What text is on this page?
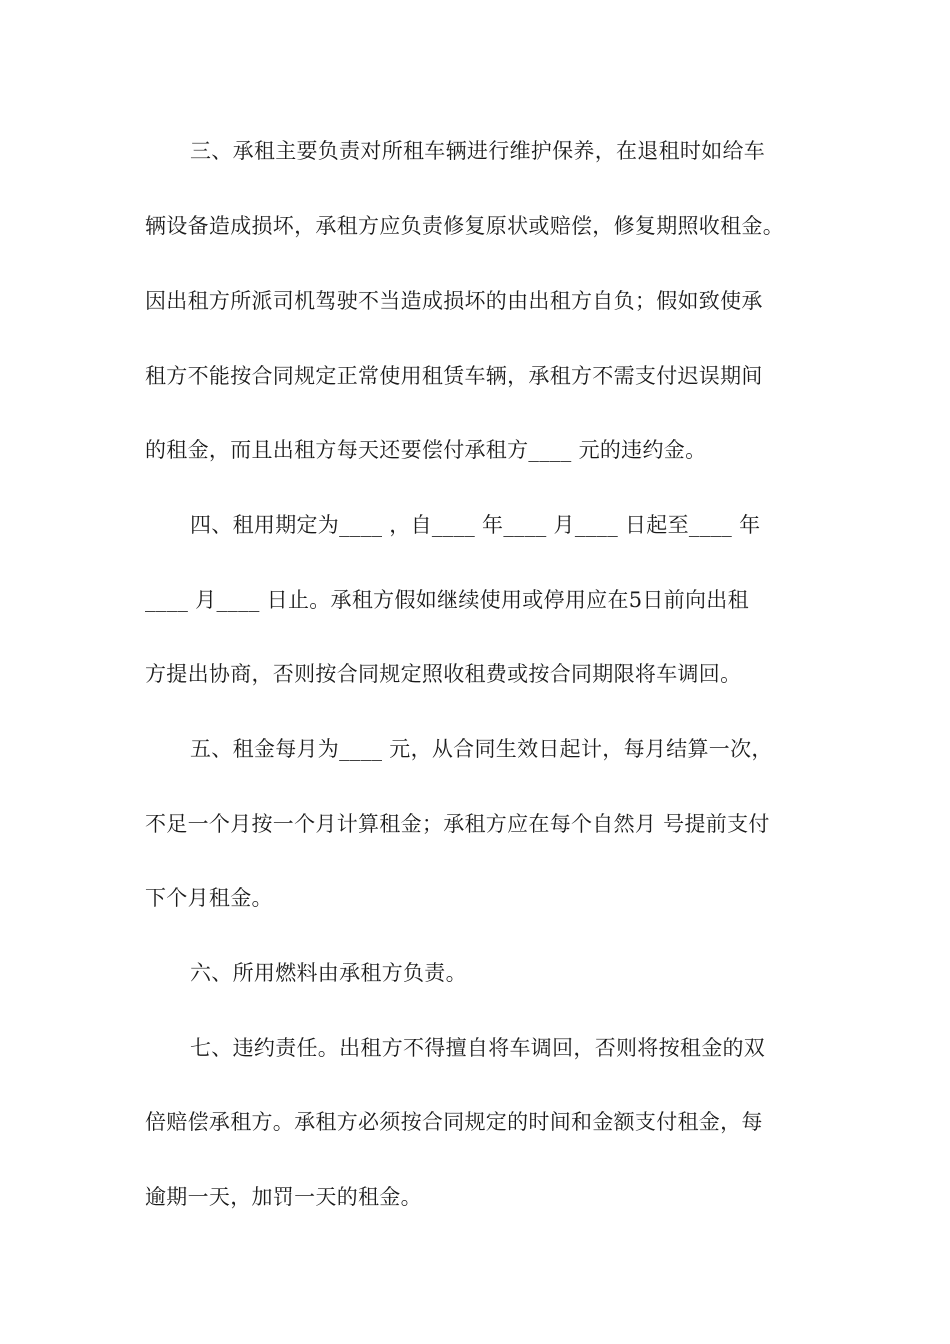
三、承租主要负责对所租车辆进行维护保养，在退租时如给车
辆设备造成损坏，承租方应负责修复原状或赔偿，修复期照收租金。
因出租方所派司机驾驶不当造成损坏的由出租方自负；假如致使承
租方不能按合同规定正常使用租赁车辆，承租方不需支付迟误期间
的租金，而且出租方每天还要偿付承租方____ 元的违约金。
四、租用期定为____ ，自____ 年____ 月____ 日起至____ 年
____ 月____ 日止。承租方假如继续使用或停用应在5日前向出租
方提出协商，否则按合同规定照收租费或按合同期限将车调回。
五、租金每月为____ 元，从合同生效日起计，每月结算一次，
不足一个月按一个月计算租金；承租方应在每个自然月 号提前支付
下个月租金。
六、所用燃料由承租方负责。
七、违约责任。出租方不得擅自将车调回，否则将按租金的双
倍赔偿承租方。承租方必须按合同规定的时间和金额支付租金，每
逾期一天，加罚一天的租金。
